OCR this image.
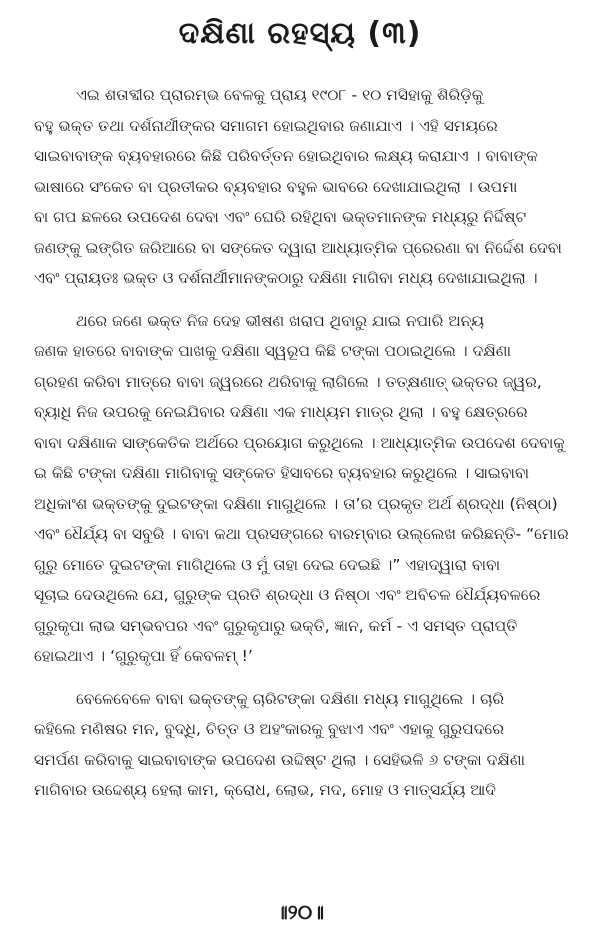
ଦକ୍ଷିଣା ରହସ୍ୟ (୩)
ଏଇ ଶତାବ୍ଦୀର ପ୍ରାରମ୍ଭ ବେଳକୁ ପ୍ରାୟ ୧୯୦୮ - ୧୦ ମସିହାକୁ ଶିରିଡ଼ିକୁ
ବହୁ ଭକ୍ତ ତଥା ଦର୍ଶନାର୍ଥୀଙ୍କର ସମାଗମ ହୋଇଥିବାର ଜଣାଯାଏ । ଏହି ସମୟରେ
ସାଇବାବାଙ୍କ ବ୍ୟବହାରରେ କିଛି ପରିବର୍ତ୍ତନ ହୋଇଥିବାର ଲକ୍ଷ୍ୟ କରାଯାଏ । ବାବାଙ୍କ
ଭାଷାରେ ସଂକେତ ବା ପ୍ରତୀକର ବ୍ୟବହାର ବହୁଳ ଭାବରେ ଦେଖାଯାଇଥିଲା । ଉପମା
ବା ଗପ ଛଳରେ ଉପଦେଶ ଦେବା ଏବଂ ଘେରି ରହିଥିବା ଭକ୍ତମାନଙ୍କ ମଧ୍ୟରୁ ନିର୍ଦ୍ଦିଷ୍ଟ
ଜଣଙ୍କୁ ଇଙ୍ଗିତ ଜରିଆରେ ବା ସଙ୍କେତ ଦ୍ୱାରା ଆଧ୍ୟାତ୍ମିକ ପ୍ରେରଣା ବା ନିର୍ଦ୍ଦେଶ ଦେବା
ଏବଂ ପ୍ରାୟତଃ ଭକ୍ତ ଓ ଦର୍ଶନାର୍ଥୀମାନଙ୍କଠାରୁ ଦକ୍ଷିଣା ମାଗିବା ମଧ୍ୟ ଦେଖାଯାଇଥିଲା ।
ଥରେ ଜଣେ ଭକ୍ତ ନିଜ ଦେହ ଭୀଷଣ ଖରାପ ଥିବାରୁ ଯାଇ ନପାରି ଅନ୍ୟ
ଜଣକ ହାତରେ ବାବାଙ୍କ ପାଖକୁ ଦକ୍ଷିଣା ସ୍ୱରୂପ କିଛି ଟଙ୍କା ପଠାଇଥିଲେ । ଦକ୍ଷିଣା
ଗ୍ରହଣ କରିବା ମାତ୍ରେ ବାବା ଜ୍ୱରରେ ଥରିବାକୁ ଲାଗିଲେ । ତତ୍‌କ୍ଷଣାତ୍ ଭକ୍ତର ଜ୍ୱର,
ବ୍ୟାଧି ନିଜ ଉପରକୁ ନେଇଯିବାର ଦକ୍ଷିଣା ଏକ ମାଧ୍ୟମ ମାତ୍ର ଥିଲା । ବହୁ କ୍ଷେତ୍ରରେ
ବାବା ଦକ୍ଷିଣାକ ସାଙ୍କେତିକ ଅର୍ଥରେ ପ୍ରୟୋଗ କରୁଥିଲେ । ଆଧ୍ୟାତ୍ମିକ ଉପଦେଶ ଦେବାକୁ
ଇ କିଛି ଟଙ୍କା ଦକ୍ଷିଣା ମାଗିବାକୁ ସଙ୍କେତ ହିସାବରେ ବ୍ୟବହାର କରୁଥିଲେ । ସାଇବାବା
ଅଧିକାଂଶ ଭକ୍ତଙ୍କୁ ଦୁଇଟଙ୍କା ଦକ୍ଷିଣା ମାଗୁଥିଲେ । ତା’ର ପ୍ରକୃତ ଅର୍ଥ ଶ୍ରଦ୍ଧା (ନିଷ୍ଠା)
ଏବଂ ଧୈର୍ଯ୍ୟ ବା ସବୁରି । ବାବା କଥା ପ୍ରସଙ୍ଗରେ ବାରମ୍ବାର ଉଲ୍ଲେଖ କରିଛନ୍ତି- “ମୋର
ଗୁରୁ ମୋତେ ଦୁଇଟଙ୍କା ମାଗିଥିଲେ ଓ ମୁଁ ତାହା ଦେଇ ଦେଇଛି ।” ଏହାଦ୍ୱାରା ବାବା
ସୂଚାଇ ଦେଉଥିଲେ ଯେ, ଗୁରୁଙ୍କ ପ୍ରତି ଶ୍ରଦ୍ଧା ଓ ନିଷ୍ଠା ଏବଂ ଅବିଚଳ ଧୈର୍ଯ୍ୟବଳରେ
ଗୁରୁକୃପା ଲାଭ ସମ୍ଭବପର ଏବଂ ଗୁରୁକୃପାରୁ ଭକ୍ତି, ଜ୍ଞାନ, କର୍ମ - ଏ ସମସ୍ତ ପ୍ରାପ୍ତି
ହୋଇଥାଏ । ‘ଗୁରୁକୃପା ହିଁ କେବଳମ୍ !’
ବେଳେବେଳେ ବାବା ଭକ୍ତଙ୍କୁ ଚାରିଟଙ୍କା ଦକ୍ଷିଣା ମଧ୍ୟ ମାଗୁଥିଲେ । ଚାରି
କହିଲେ ମଣିଷର ମନ, ବୁଦ୍ଧି, ଚିତ୍ତ ଓ ଅହଂକାରକୁ ବୁଝାଏ ଏବଂ ଏହାକୁ ଗୁରୁପଦରେ
ସମର୍ପଣ କରିବାକୁ ସାଇବାବାଙ୍କ ଉପଦେଶ ଉଦ୍ଦିଷ୍ଟ ଥିଲା । ସେହିଭଳି ୬ ଟଙ୍କା ଦକ୍ଷିଣା
ମାଗିବାର ଉଦ୍ଦେଶ୍ୟ ହେଲା କାମ, କ୍ରୋଧ, ଲୋଭ, ମଦ, ମୋହ ଓ ମାତ୍ସର୍ଯ୍ୟ ଆଦି
॥୨୦॥
